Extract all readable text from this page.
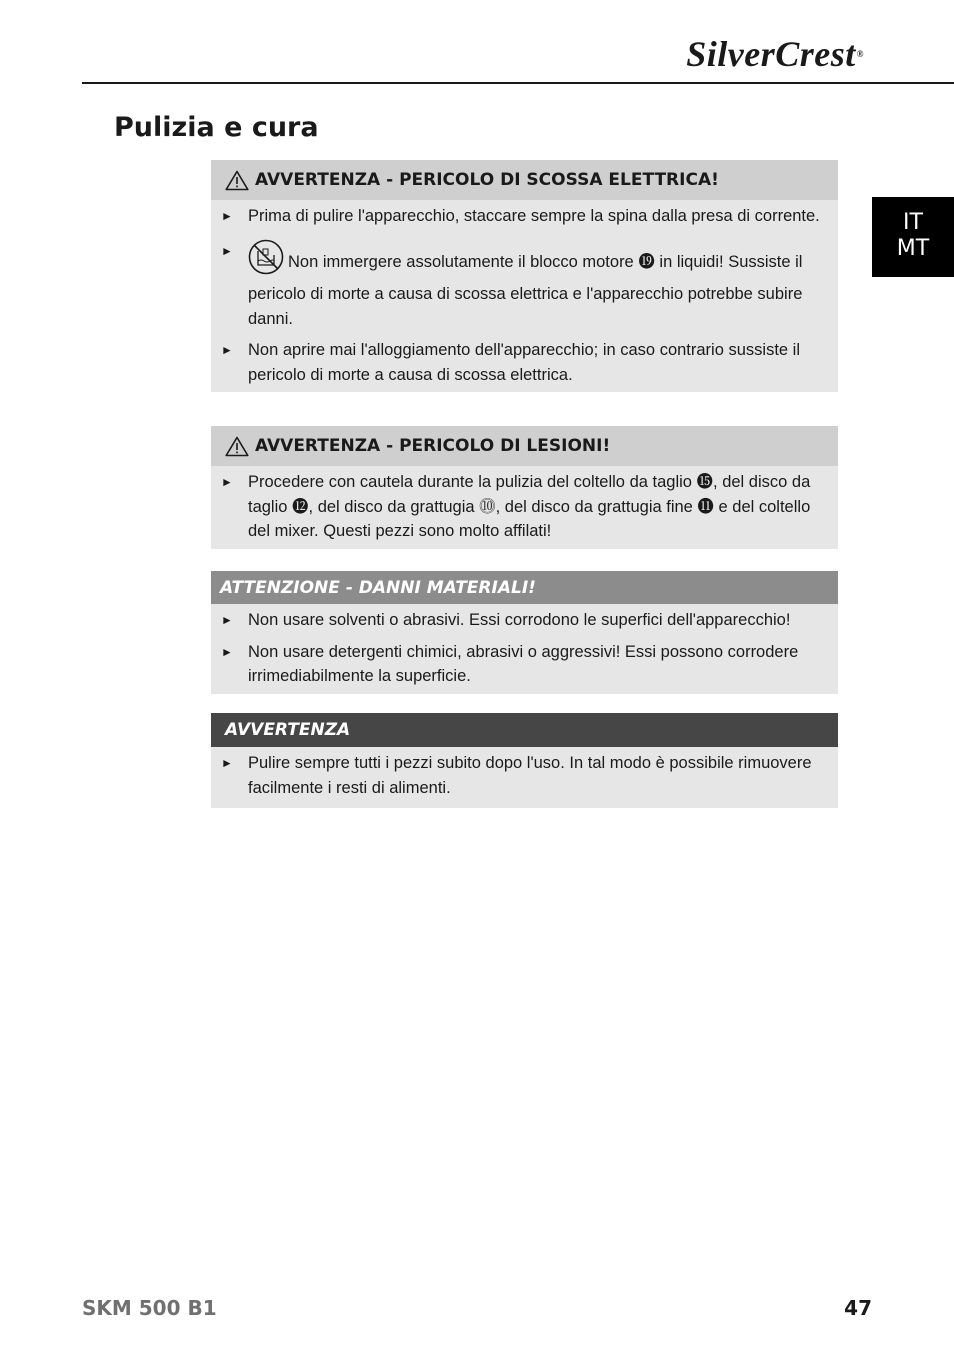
SilverCrest®
Pulizia e cura
IT
MT
AVVERTENZA - PERICOLO DI SCOSSA ELETTRICA!
► Prima di pulire l'apparecchio, staccare sempre la spina dalla presa di corrente.
►
Non immergere assolutamente il blocco motore ⓳ in liquidi! Sussiste il pericolo di morte a causa di scossa elettrica e l'apparecchio potrebbe subire danni.
► Non aprire mai l'alloggiamento dell'apparecchio; in caso contrario sussiste il pericolo di morte a causa di scossa elettrica.
AVVERTENZA - PERICOLO DI LESIONI!
► Procedere con cautela durante la pulizia del coltello da taglio ⓯, del disco da taglio ⓬, del disco da grattugia ⓾, del disco da grattugia fine ⓫ e del coltello del mixer. Questi pezzi sono molto affilati!
ATTENZIONE - DANNI MATERIALI!
► Non usare solventi o abrasivi. Essi corrodono le superfici dell'apparecchio!
► Non usare detergenti chimici, abrasivi o aggressivi! Essi possono corrodere irrimediabilmente la superficie.
AVVERTENZA
► Pulire sempre tutti i pezzi subito dopo l'uso. In tal modo è possibile rimuovere facilmente i resti di alimenti.
SKM 500 B1	47
